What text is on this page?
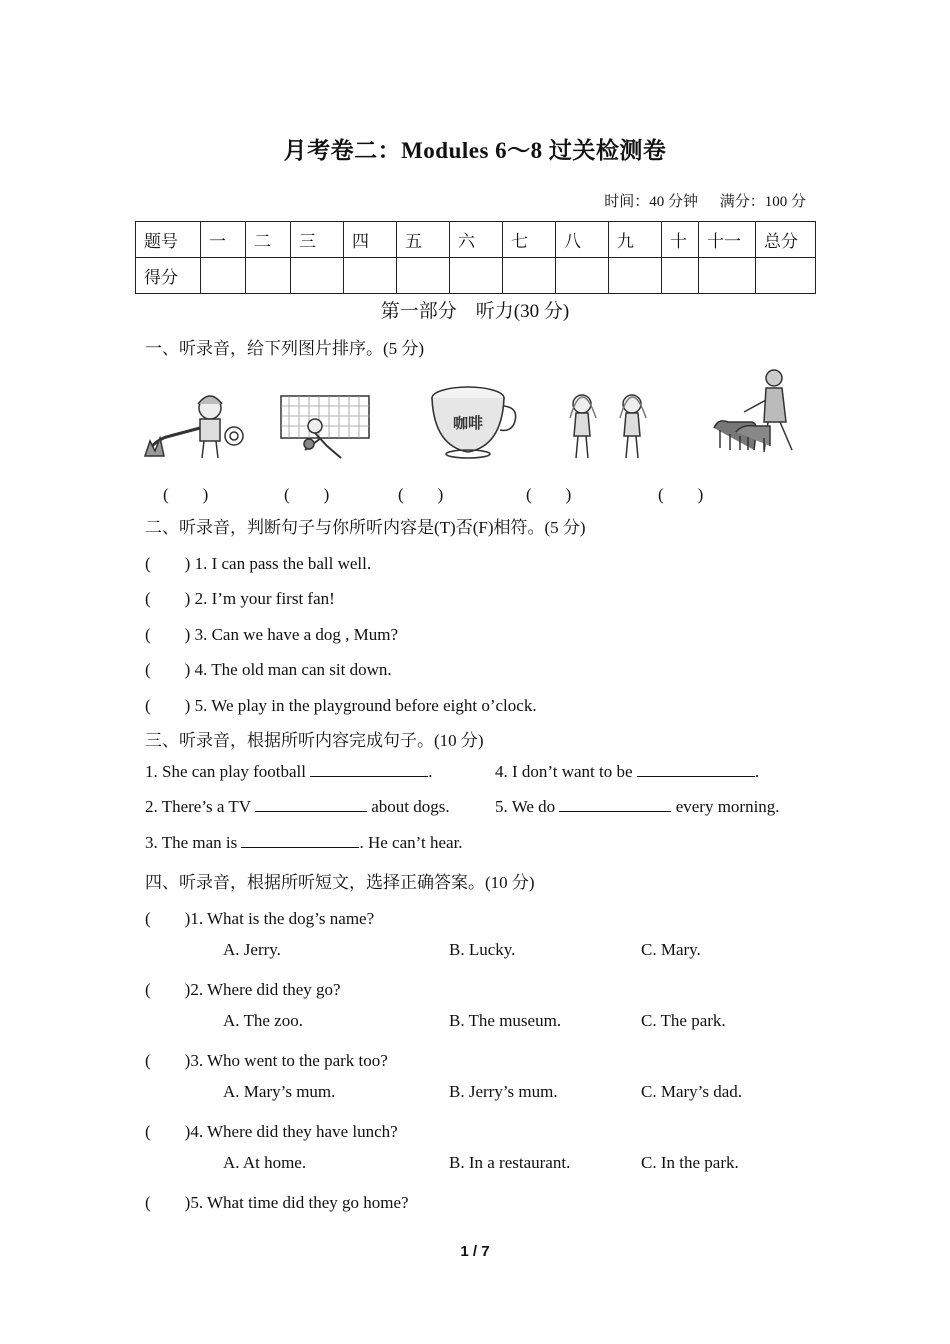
月考卷二：Modules 6～8 过关检测卷
时间：40 分钟 满分：100 分
题号	一	二	三	四	五	六	七	八	九	十	十一	总分
得分												
第一部分　听力(30 分)
一、听录音，给下列图片排序。(5 分)
咖啡
(　　)	(　　)	(　　)	(　　)	(　　)
二、听录音，判断句子与你所听内容是(T)否(F)相符。(5 分)
(　　) 1. I can pass the ball well.
(　　) 2. I’m your first fan!
(　　) 3. Can we have a dog , Mum?
(　　) 4. The old man can sit down.
(　　) 5. We play in the playground before eight o’clock.
三、听录音，根据所听内容完成句子。(10 分)
1. She can play football	.	4. I don’t want to be	.
2. There’s a TV	about dogs.	5. We do	every morning.
3. The man is	. He can’t hear.
四、听录音，根据所听短文，选择正确答案。(10 分)
(　　)1. What is the dog’s name?
A. Jerry.	B. Lucky.	C. Mary.
(　　)2. Where did they go?
A. The zoo.	B. The museum.	C. The park.
(　　)3. Who went to the park too?
A. Mary’s mum.	B. Jerry’s mum.	C. Mary’s dad.
(　　)4. Where did they have lunch?
A. At home.	B. In a restaurant.	C. In the park.
(　　)5. What time did they go home?
1 / 7
